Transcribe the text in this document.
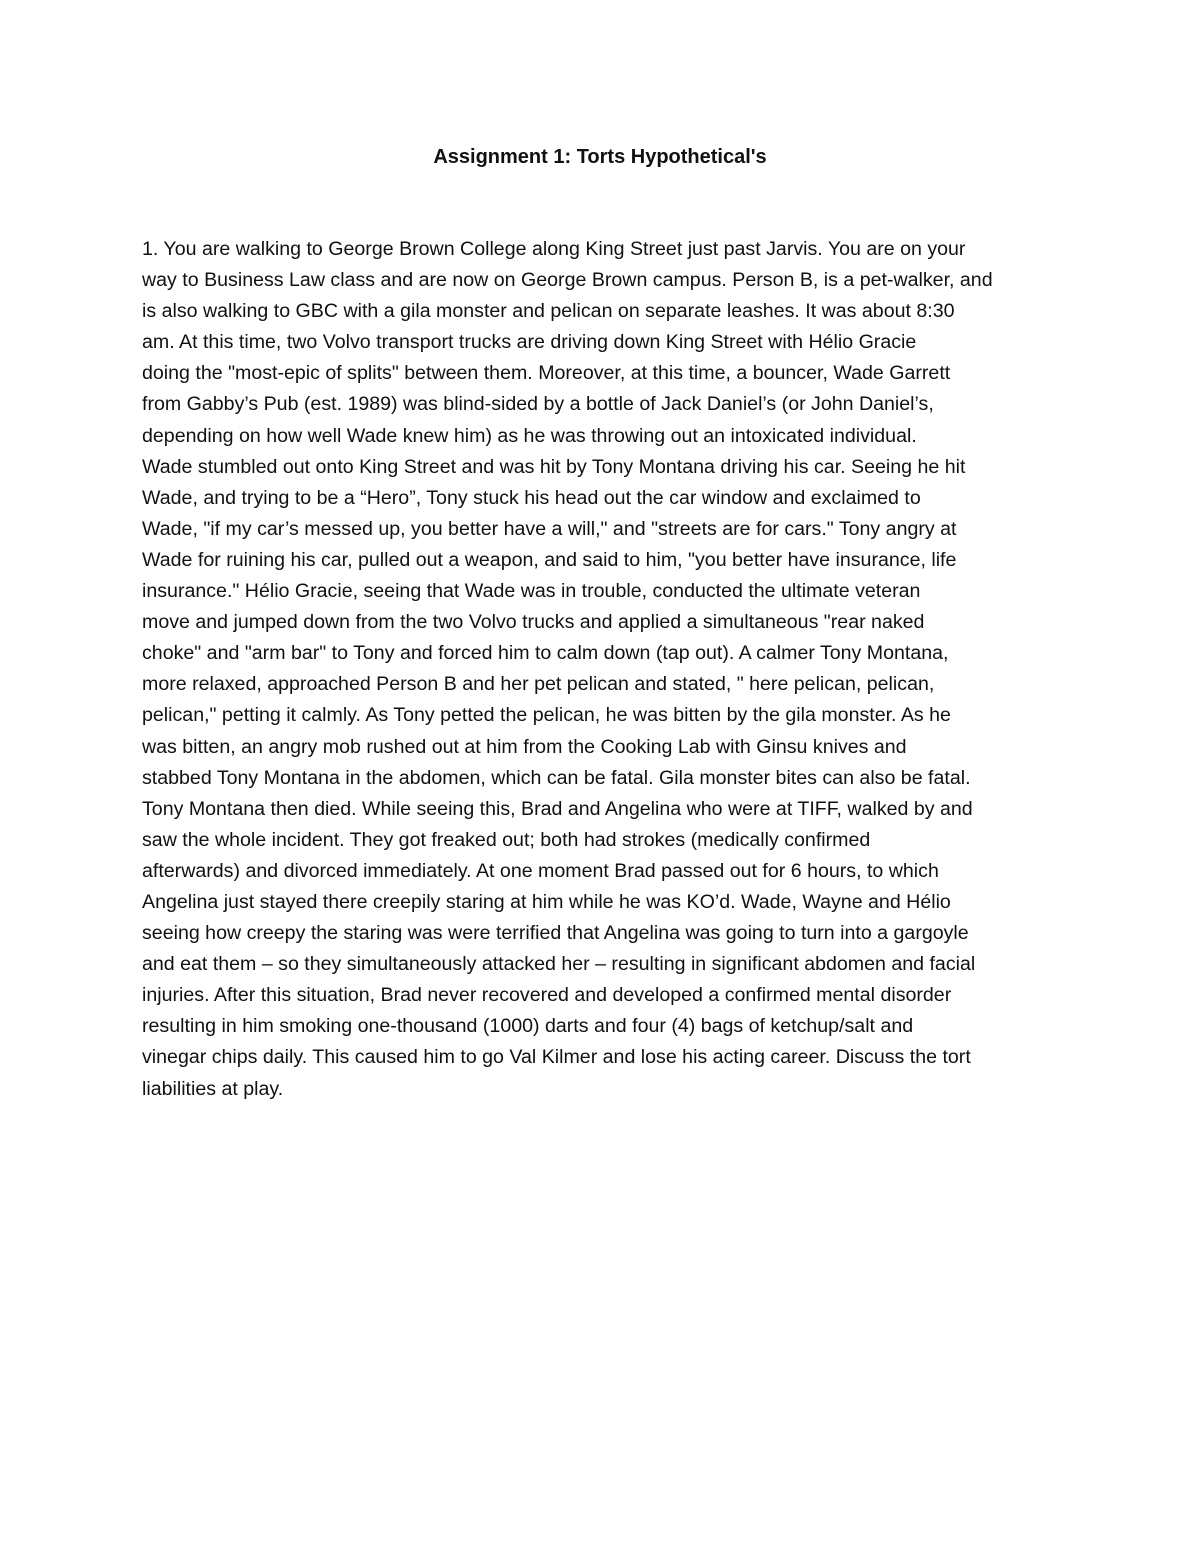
Assignment 1: Torts Hypothetical's
1. You are walking to George Brown College along King Street just past Jarvis. You are on your
way to Business Law class and are now on George Brown campus. Person B, is a pet-walker, and
is also walking to GBC with a gila monster and pelican on separate leashes. It was about 8:30
am. At this time, two Volvo transport trucks are driving down King Street with Hélio Gracie
doing the "most-epic of splits" between them. Moreover, at this time, a bouncer, Wade Garrett
from Gabby’s Pub (est. 1989) was blind-sided by a bottle of Jack Daniel’s (or John Daniel’s,
depending on how well Wade knew him) as he was throwing out an intoxicated individual.
Wade stumbled out onto King Street and was hit by Tony Montana driving his car. Seeing he hit
Wade, and trying to be a “Hero”, Tony stuck his head out the car window and exclaimed to
Wade, "if my car’s messed up, you better have a will," and "streets are for cars." Tony angry at
Wade for ruining his car, pulled out a weapon, and said to him, "you better have insurance, life
insurance." Hélio Gracie, seeing that Wade was in trouble, conducted the ultimate veteran
move and jumped down from the two Volvo trucks and applied a simultaneous "rear naked
choke" and "arm bar" to Tony and forced him to calm down (tap out). A calmer Tony Montana,
more relaxed, approached Person B and her pet pelican and stated, " here pelican, pelican,
pelican," petting it calmly. As Tony petted the pelican, he was bitten by the gila monster. As he
was bitten, an angry mob rushed out at him from the Cooking Lab with Ginsu knives and
stabbed Tony Montana in the abdomen, which can be fatal. Gila monster bites can also be fatal.
Tony Montana then died. While seeing this, Brad and Angelina who were at TIFF, walked by and
saw the whole incident. They got freaked out; both had strokes (medically confirmed
afterwards) and divorced immediately. At one moment Brad passed out for 6 hours, to which
Angelina just stayed there creepily staring at him while he was KO’d. Wade, Wayne and Hélio
seeing how creepy the staring was were terrified that Angelina was going to turn into a gargoyle
and eat them – so they simultaneously attacked her – resulting in significant abdomen and facial
injuries. After this situation, Brad never recovered and developed a confirmed mental disorder
resulting in him smoking one-thousand (1000) darts and four (4) bags of ketchup/salt and
vinegar chips daily. This caused him to go Val Kilmer and lose his acting career. Discuss the tort
liabilities at play.
